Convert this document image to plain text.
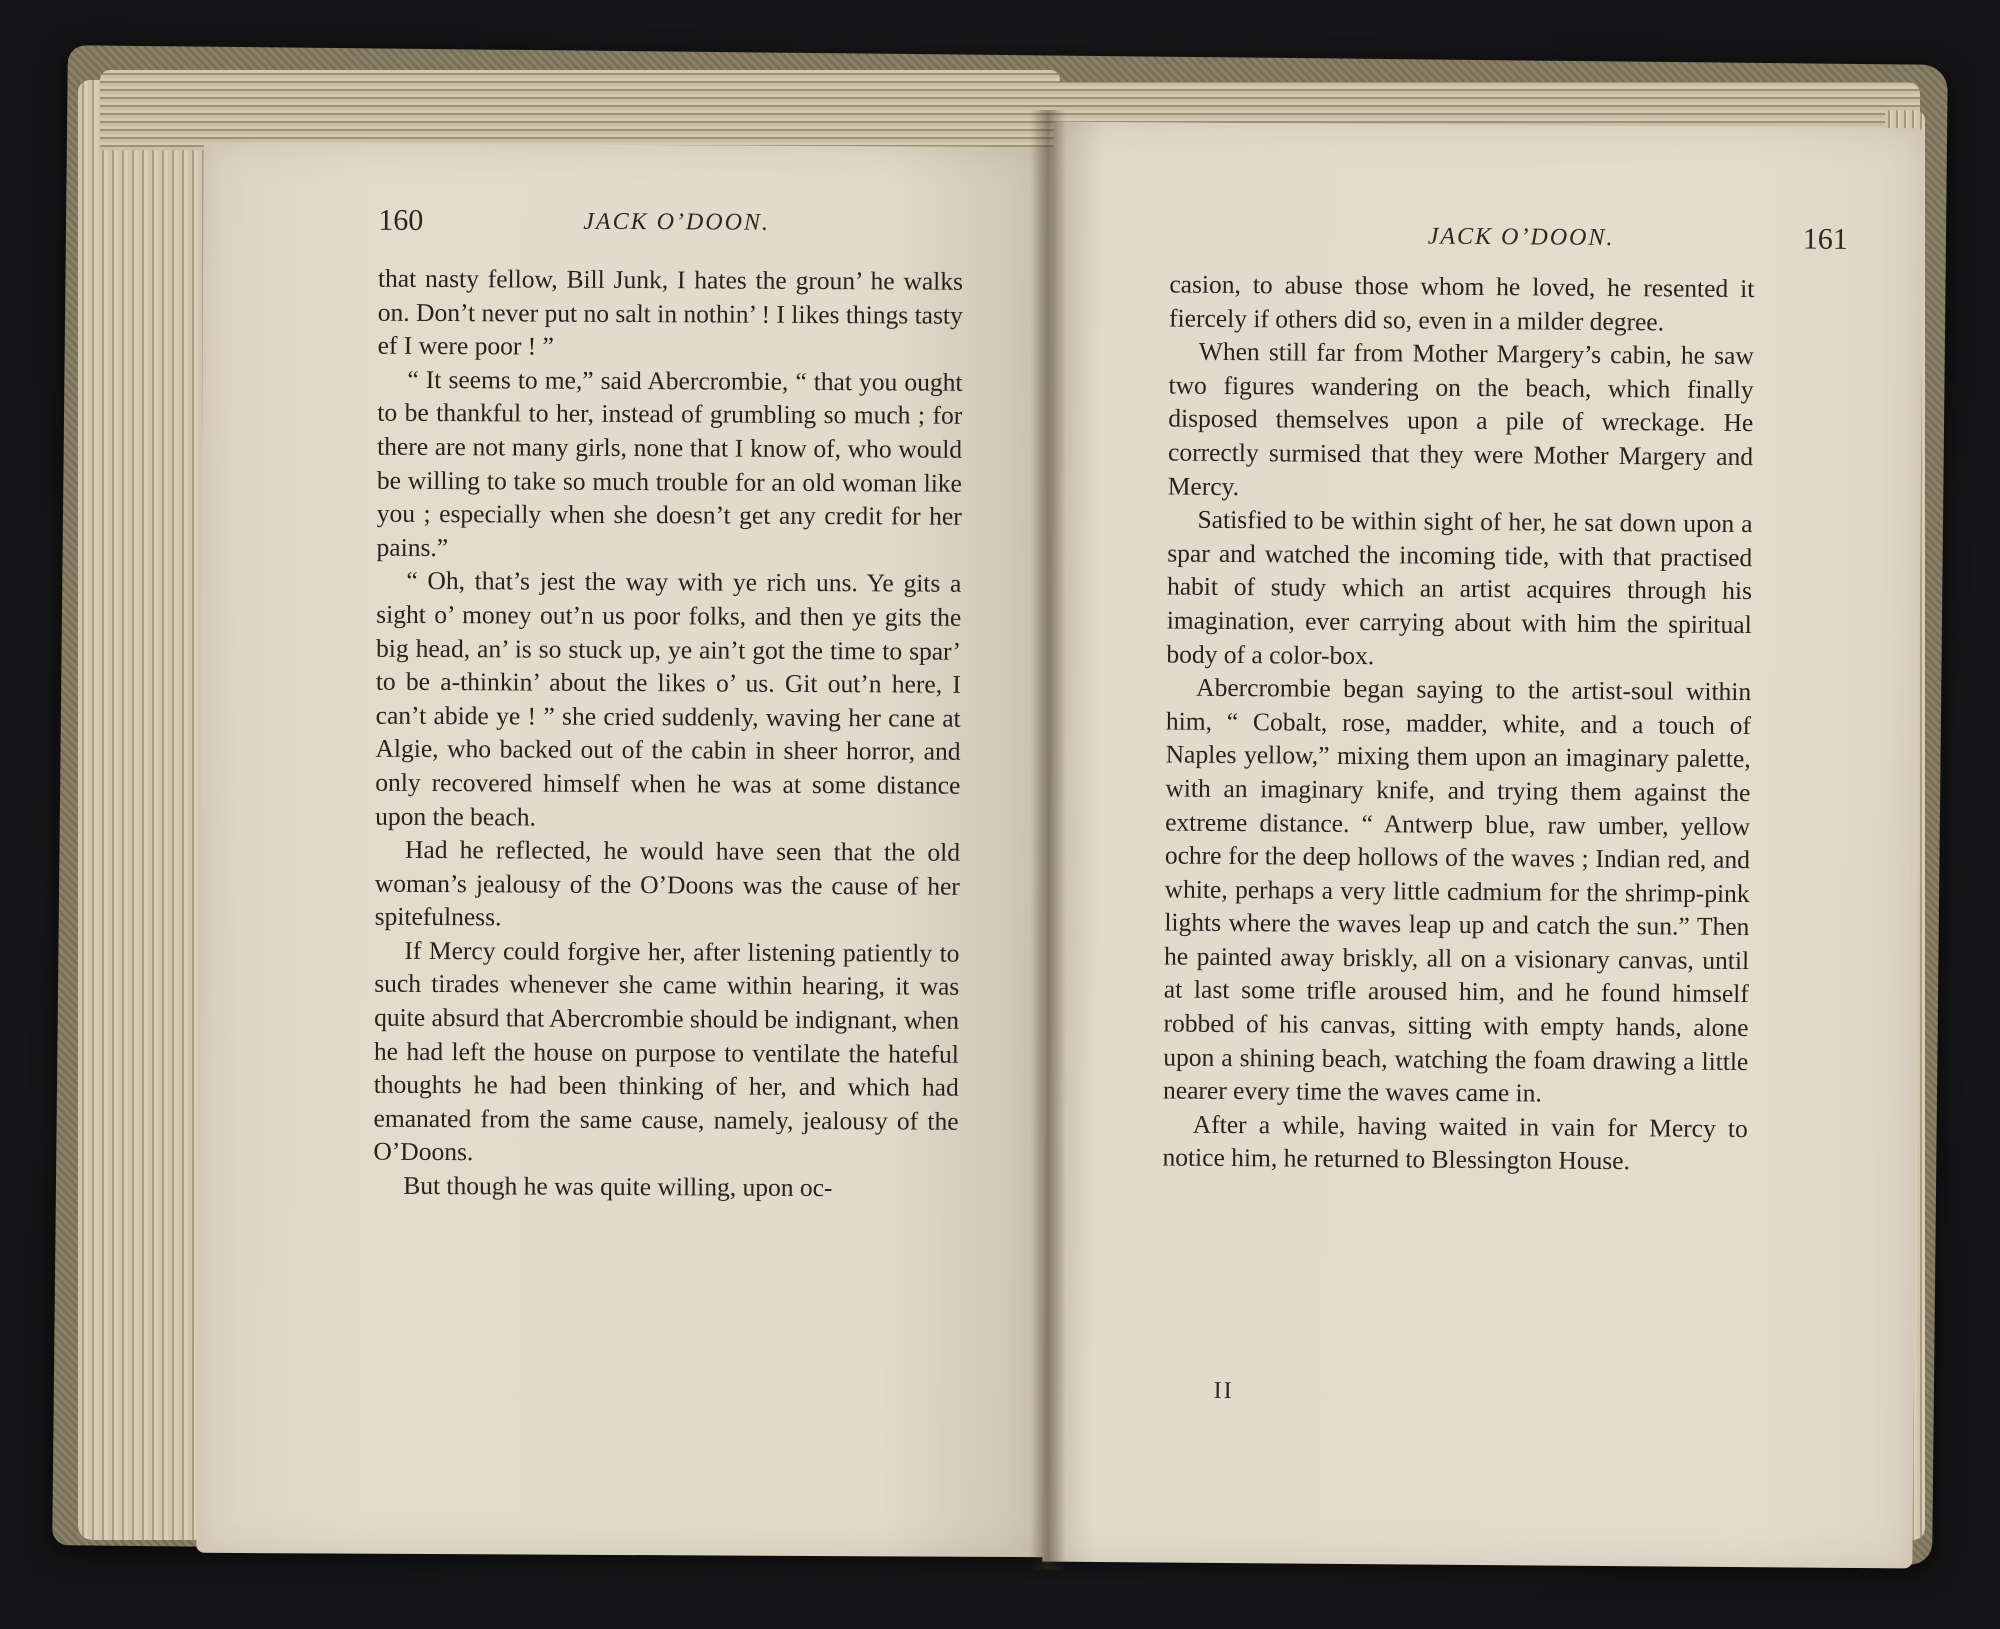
160	JACK O’DOON.

that nasty fellow, Bill Junk, I hates the groun’ he walks on. Don’t never put no salt in nothin’ ! I likes things tasty ef I were poor ! ”

“ It seems to me,” said Abercrombie, “ that you ought to be thankful to her, instead of grumbling so much ; for there are not many girls, none that I know of, who would be willing to take so much trouble for an old woman like you ; especially when she doesn’t get any credit for her pains.”

“ Oh, that’s jest the way with ye rich uns. Ye gits a sight o’ money out’n us poor folks, and then ye gits the big head, an’ is so stuck up, ye ain’t got the time to spar’ to be a-thinkin’ about the likes o’ us. Git out’n here, I can’t abide ye ! ” she cried suddenly, waving her cane at Algie, who backed out of the cabin in sheer horror, and only recovered himself when he was at some distance upon the beach.

Had he reflected, he would have seen that the old woman’s jealousy of the O’Doons was the cause of her spitefulness.

If Mercy could forgive her, after listening patiently to such tirades whenever she came within hearing, it was quite absurd that Abercrombie should be indignant, when he had left the house on purpose to ventilate the hateful thoughts he had been thinking of her, and which had emanated from the same cause, namely, jealousy of the O’Doons.

But though he was quite willing, upon oc-

JACK O’DOON.	161

casion, to abuse those whom he loved, he resented it fiercely if others did so, even in a milder degree.

When still far from Mother Margery’s cabin, he saw two figures wandering on the beach, which finally disposed themselves upon a pile of wreckage. He correctly surmised that they were Mother Margery and Mercy.

Satisfied to be within sight of her, he sat down upon a spar and watched the incoming tide, with that practised habit of study which an artist acquires through his imagination, ever carrying about with him the spiritual body of a color-box.

Abercrombie began saying to the artist-soul within him, “ Cobalt, rose, madder, white, and a touch of Naples yellow,” mixing them upon an imaginary palette, with an imaginary knife, and trying them against the extreme distance. “ Antwerp blue, raw umber, yellow ochre for the deep hollows of the waves ; Indian red, and white, perhaps a very little cadmium for the shrimp-pink lights where the waves leap up and catch the sun.” Then he painted away briskly, all on a visionary canvas, until at last some trifle aroused him, and he found himself robbed of his canvas, sitting with empty hands, alone upon a shining beach, watching the foam drawing a little nearer every time the waves came in.

After a while, having waited in vain for Mercy to notice him, he returned to Blessington House.

II
